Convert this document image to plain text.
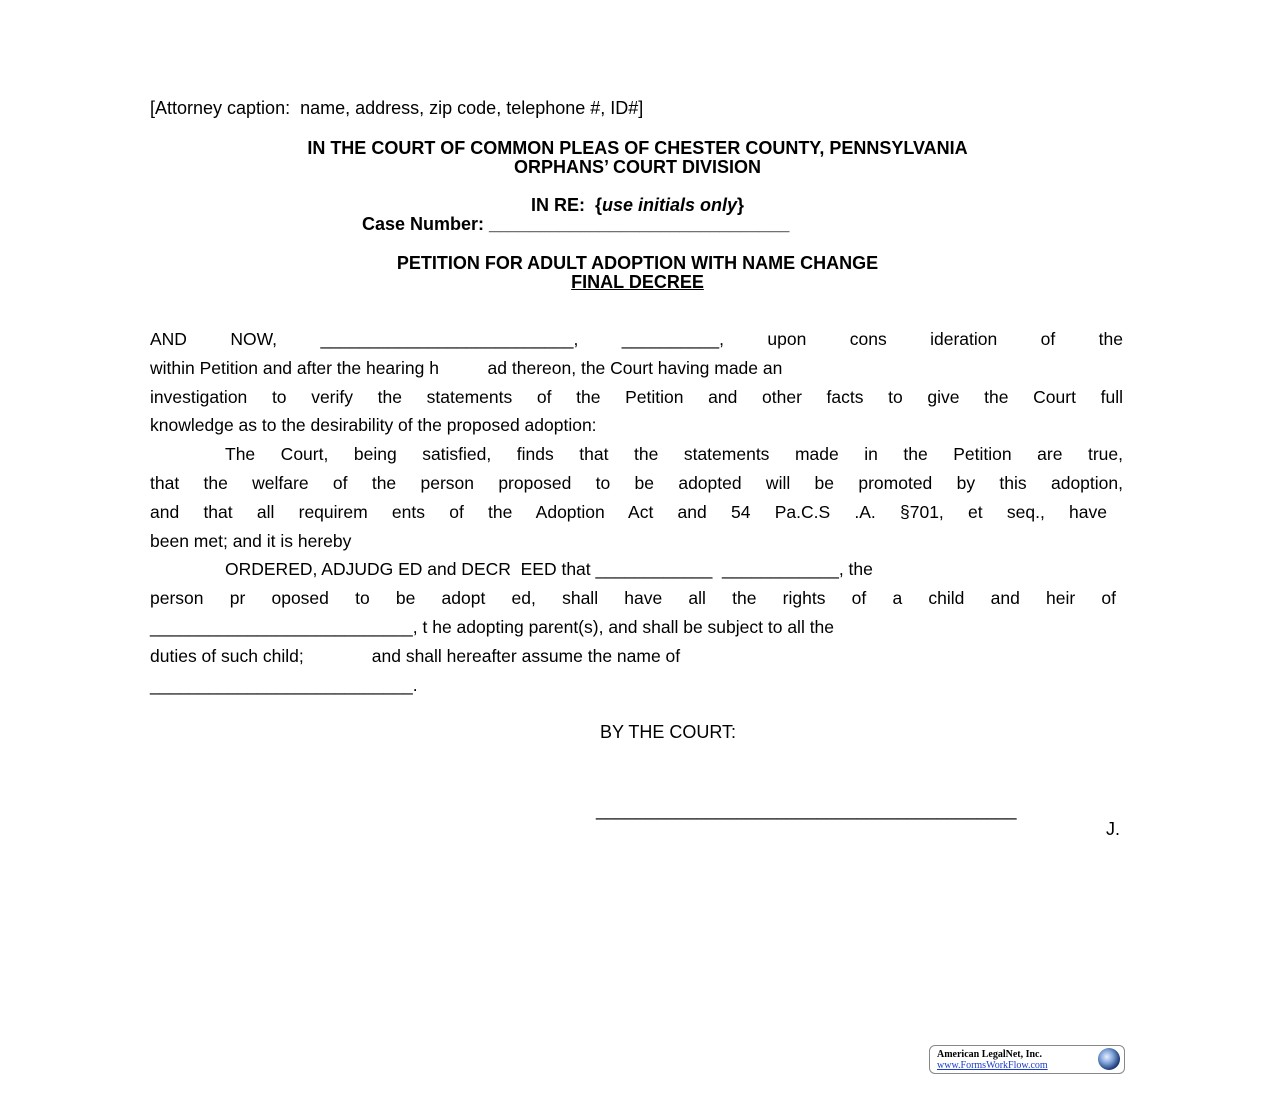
[Attorney caption:  name, address, zip code, telephone #, ID#]
IN THE COURT OF COMMON PLEAS OF CHESTER COUNTY, PENNSYLVANIA
ORPHANS’ COURT DIVISION
IN RE:  {use initials only}
Case Number: ______________________________
PETITION FOR ADULT ADOPTION WITH NAME CHANGE
FINAL DECREE
AND NOW, __________________________, __________, upon cons ideration of the
within Petition and after the hearing h          ad thereon, the Court having made an
investigation to verify the statements of the Petition and other facts to give the Court full
knowledge as to the desirability of the proposed adoption:
The Court, being satisfied, finds that the statements made in the Petition are true,
that the welfare of the person proposed to be adopted will be promoted by this adoption,
and that all requirem ents of the Adoption Act and 54 Pa.C.S .A. §701, et seq., have
been met; and it is hereby
ORDERED, ADJUDG ED and DECR  EED that ____________  ____________, the
person pr oposed to be adopt ed, shall have all the rights of a child and heir of
___________________________, t he adopting parent(s), and shall be subject to all the
duties of such child;              and shall hereafter assume the name of
___________________________.
BY THE COURT:
__________________________________________
J.
American LegalNet, Inc.
www.FormsWorkFlow.com
